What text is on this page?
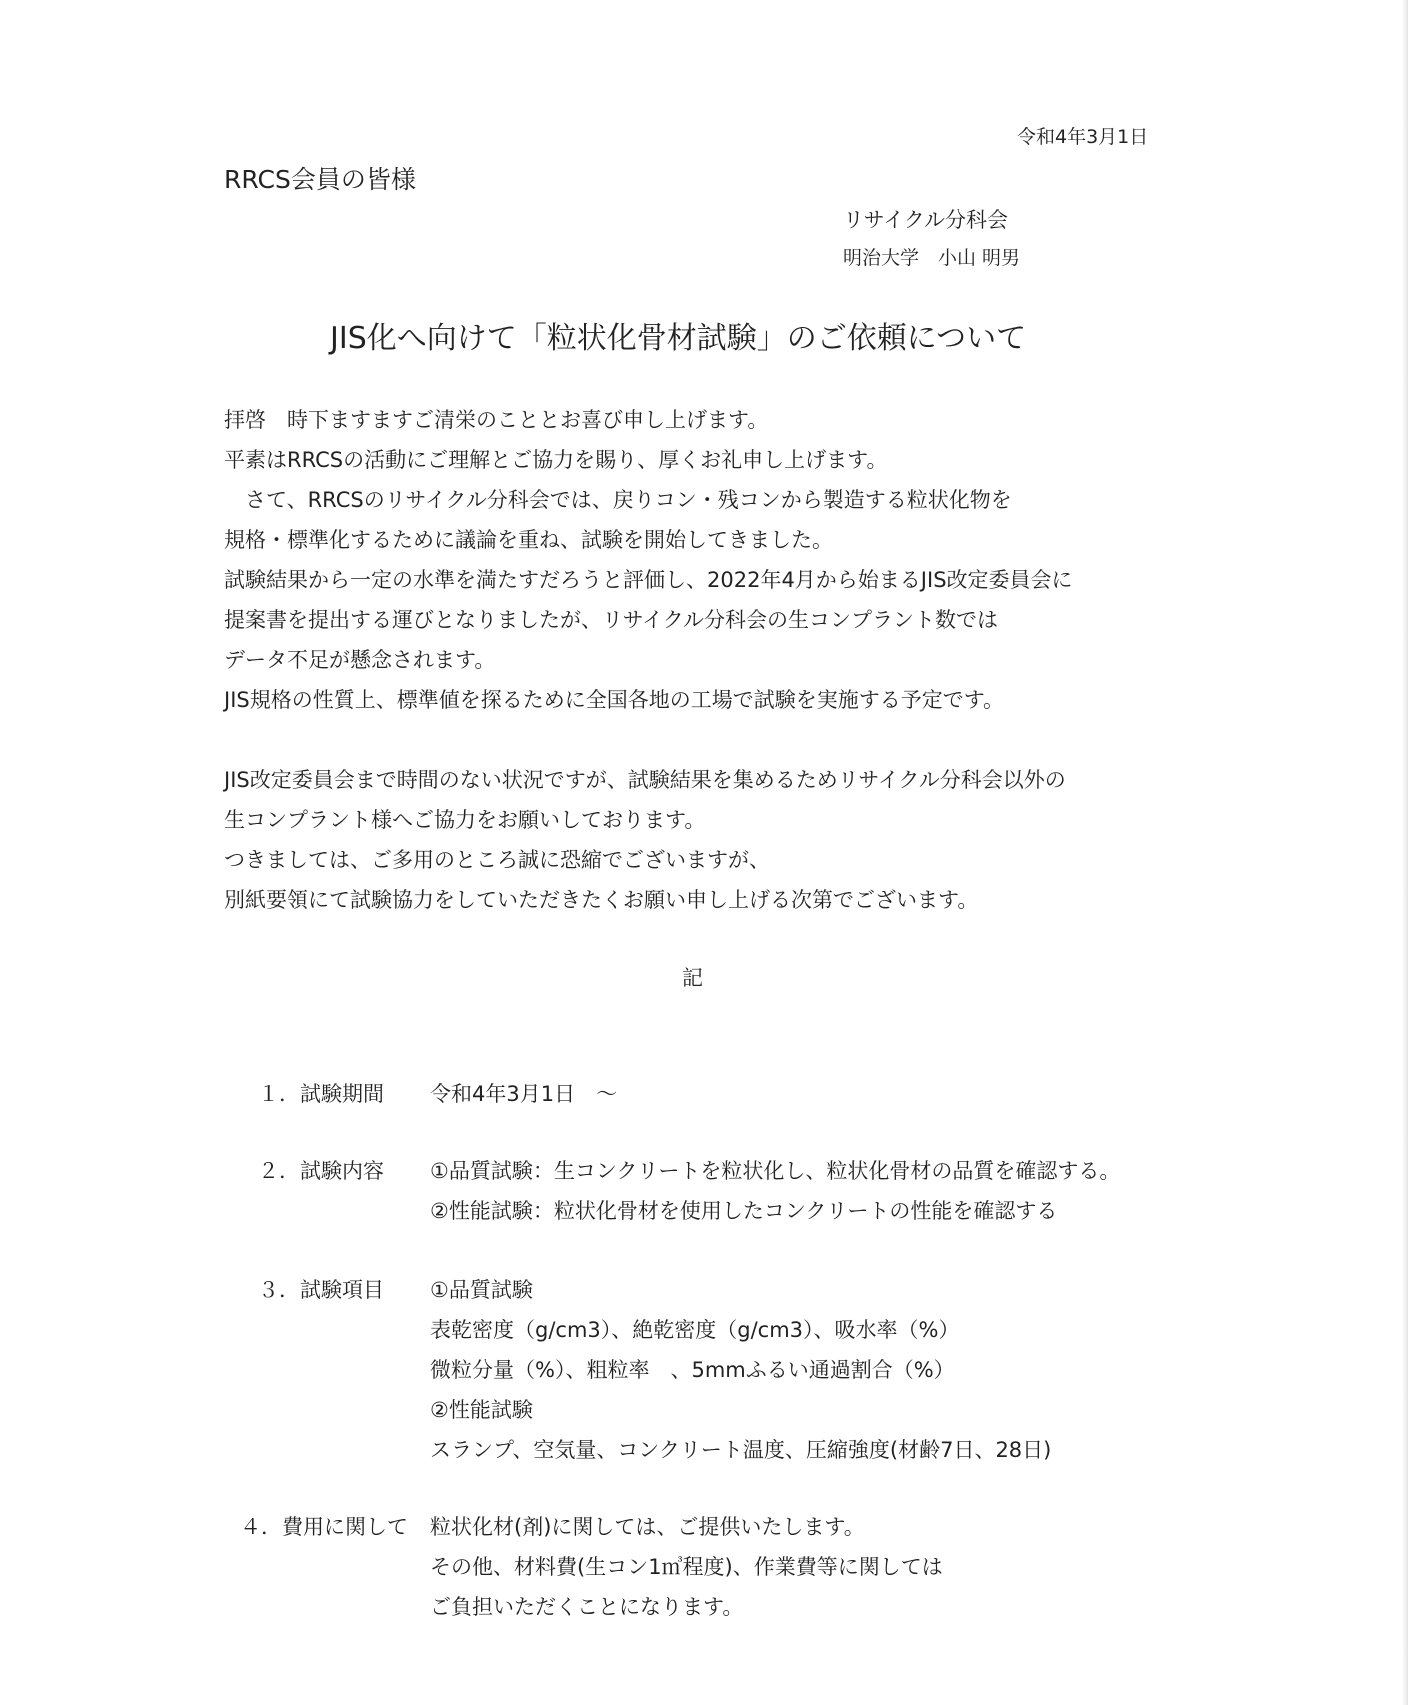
令和4年3月1日
RRCS会員の皆様
リサイクル分科会
明治大学　小山 明男
JIS化へ向けて「粒状化骨材試験」のご依頼について
拝啓　時下ますますご清栄のこととお喜び申し上げます。
平素はRRCSの活動にご理解とご協力を賜り、厚くお礼申し上げます。
　さて、RRCSのリサイクル分科会では、戻りコン・残コンから製造する粒状化物を
規格・標準化するために議論を重ね、試験を開始してきました。
試験結果から一定の水準を満たすだろうと評価し、2022年4月から始まるJIS改定委員会に
提案書を提出する運びとなりましたが、リサイクル分科会の生コンプラント数では
データ不足が懸念されます。
JIS規格の性質上、標準値を探るために全国各地の工場で試験を実施する予定です。
JIS改定委員会まで時間のない状況ですが、試験結果を集めるためリサイクル分科会以外の
生コンプラント様へご協力をお願いしております。
つきましては、ご多用のところ誠に恐縮でございますが、
別紙要領にて試験協力をしていただきたくお願い申し上げる次第でございます。
記
１．試験期間 令和4年3月1日　～
２．試験内容 ①品質試験：生コンクリートを粒状化し、粒状化骨材の品質を確認する。
②性能試験：粒状化骨材を使用したコンクリートの性能を確認する
３．試験項目 ①品質試験
表乾密度（g/cm3）、絶乾密度（g/cm3）、吸水率（%）
微粒分量（%）、粗粒率　、5mmふるい通過割合（%）
②性能試験
スランプ、空気量、コンクリート温度、圧縮強度(材齢7日、28日)
４．費用に関して 粒状化材(剤)に関しては、ご提供いたします。
その他、材料費(生コン1㎥程度)、作業費等に関しては
ご負担いただくことになります。
